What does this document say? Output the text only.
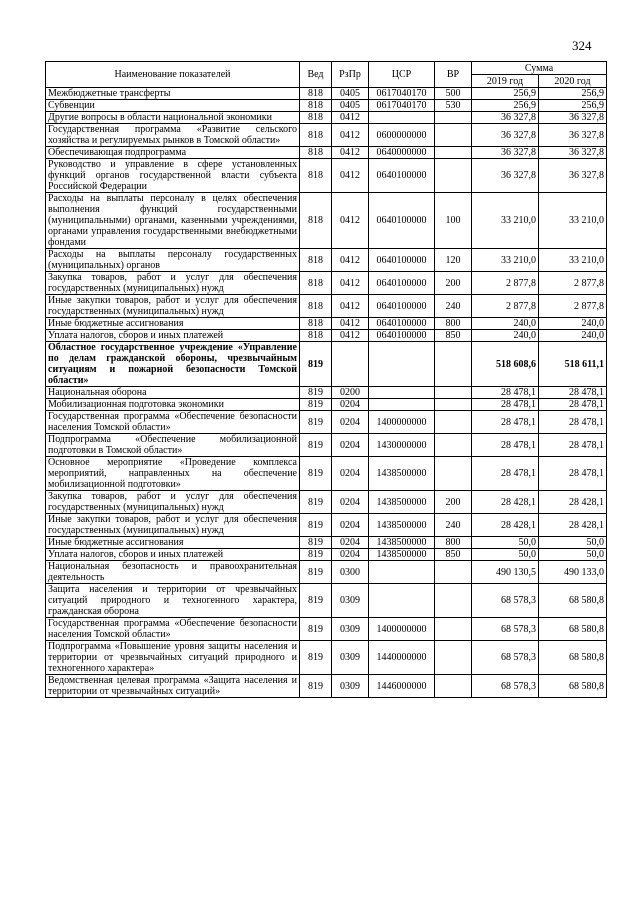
324
Наименование показателей	Вед	РзПр	ЦСР	ВР	Сумма	
					2019 год	2020 год
Межбюджетные трансферты	818	0405	0617040170	500	256,9	256,9
Субвенции	818	0405	0617040170	530	256,9	256,9
Другие вопросы в области национальной экономики	818	0412			36 327,8	36 327,8
Государственная программа «Развитие сельского хозяйства и регулируемых рынков в Томской области»	818	0412	0600000000		36 327,8	36 327,8
Обеспечивающая подпрограмма	818	0412	0640000000		36 327,8	36 327,8
Руководство и управление в сфере установленных функций органов государственной власти субъекта Российской Федерации	818	0412	0640100000		36 327,8	36 327,8
Расходы на выплаты персоналу в целях обеспечения выполнения функций государственными (муниципальными) органами, казенными учреждениями, органами управления государственными внебюджетными фондами	818	0412	0640100000	100	33 210,0	33 210,0
Расходы на выплаты персоналу государственных (муниципальных) органов	818	0412	0640100000	120	33 210,0	33 210,0
Закупка товаров, работ и услуг для обеспечения государственных (муниципальных) нужд	818	0412	0640100000	200	2 877,8	2 877,8
Иные закупки товаров, работ и услуг для обеспечения государственных (муниципальных) нужд	818	0412	0640100000	240	2 877,8	2 877,8
Иные бюджетные ассигнования	818	0412	0640100000	800	240,0	240,0
Уплата налогов, сборов и иных платежей	818	0412	0640100000	850	240,0	240,0
Областное государственное учреждение «Управление по делам гражданской обороны, чрезвычайным ситуациям и пожарной безопасности Томской области»	819				518 608,6	518 611,1
Национальная оборона	819	0200			28 478,1	28 478,1
Мобилизационная подготовка экономики	819	0204			28 478,1	28 478,1
Государственная программа «Обеспечение безопасности населения Томской области»	819	0204	1400000000		28 478,1	28 478,1
Подпрограмма «Обеспечение мобилизационной подготовки в Томской области»	819	0204	1430000000		28 478,1	28 478,1
Основное мероприятие «Проведение комплекса мероприятий, направленных на обеспечение мобилизационной подготовки»	819	0204	1438500000		28 478,1	28 478,1
Закупка товаров, работ и услуг для обеспечения государственных (муниципальных) нужд	819	0204	1438500000	200	28 428,1	28 428,1
Иные закупки товаров, работ и услуг для обеспечения государственных (муниципальных) нужд	819	0204	1438500000	240	28 428,1	28 428,1
Иные бюджетные ассигнования	819	0204	1438500000	800	50,0	50,0
Уплата налогов, сборов и иных платежей	819	0204	1438500000	850	50,0	50,0
Национальная безопасность и правоохранительная деятельность	819	0300			490 130,5	490 133,0
Защита населения и территории от чрезвычайных ситуаций природного и техногенного характера, гражданская оборона	819	0309			68 578,3	68 580,8
Государственная программа «Обеспечение безопасности населения Томской области»	819	0309	1400000000		68 578,3	68 580,8
Подпрограмма «Повышение уровня защиты населения и территории от чрезвычайных ситуаций природного и техногенного характера»	819	0309	1440000000		68 578,3	68 580,8
Ведомственная целевая программа «Защита населения и территории от чрезвычайных ситуаций»	819	0309	1446000000		68 578,3	68 580,8
